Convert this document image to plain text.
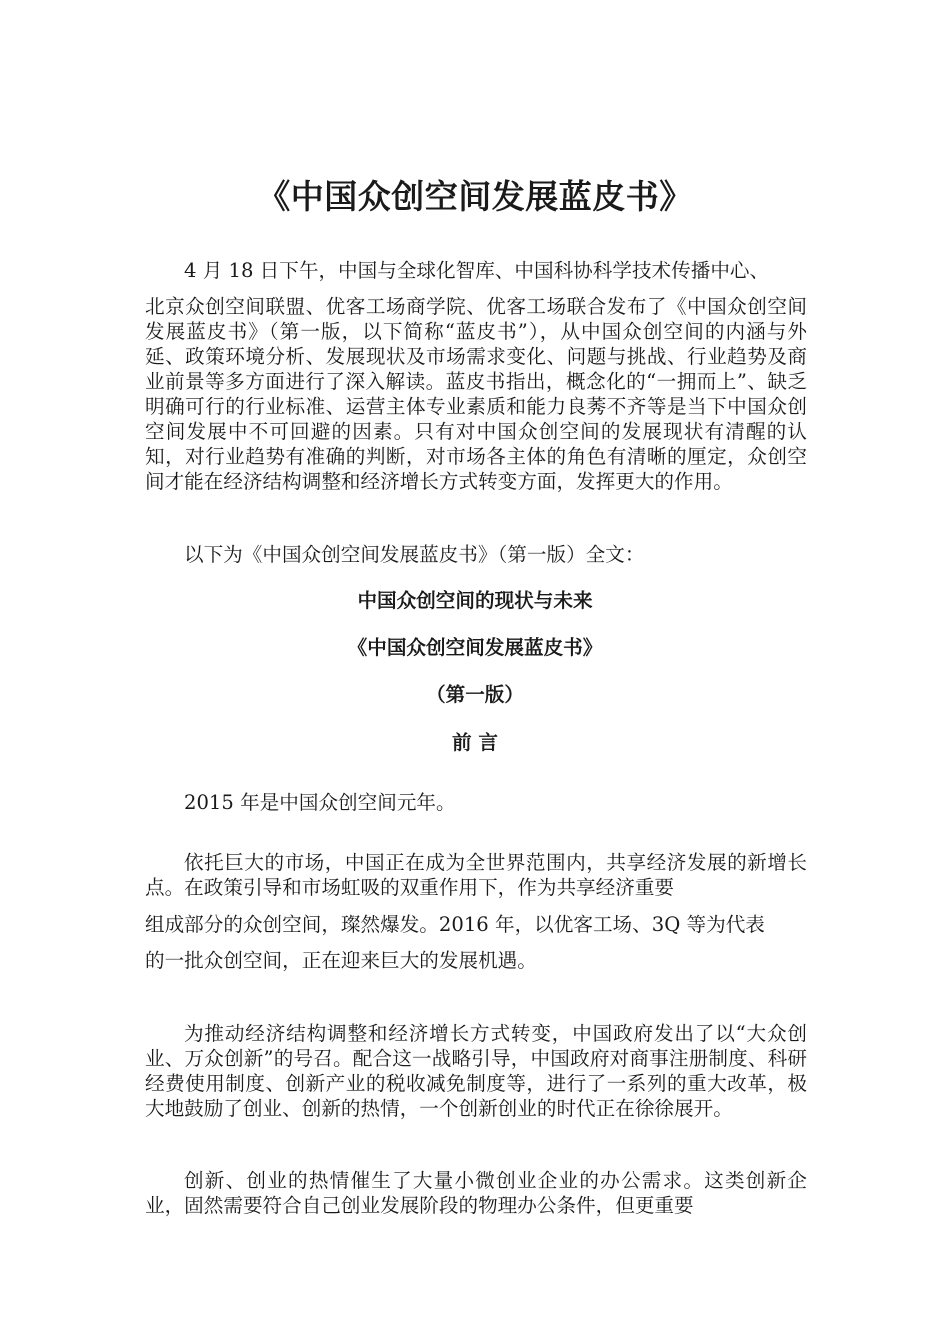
《中国众创空间发展蓝皮书》

4 月 18 日下午，中国与全球化智库、中国科协科学技术传播中心、

北京众创空间联盟、优客工场商学院、优客工场联合发布了《中国众创空间发展蓝皮书》（第一版，以下简称“蓝皮书”），从中国众创空间的内涵与外延、政策环境分析、发展现状及市场需求变化、问题与挑战、行业趋势及商业前景等多方面进行了深入解读。蓝皮书指出，概念化的“一拥而上”、缺乏明确可行的行业标准、运营主体专业素质和能力良莠不齐等是当下中国众创空间发展中不可回避的因素。只有对中国众创空间的发展现状有清醒的认知，对行业趋势有准确的判断，对市场各主体的角色有清晰的厘定，众创空间才能在经济结构调整和经济增长方式转变方面，发挥更大的作用。

以下为《中国众创空间发展蓝皮书》（第一版）全文：

中国众创空间的现状与未来
《中国众创空间发展蓝皮书》
（第一版）
前 言

2015 年是中国众创空间元年。

依托巨大的市场，中国正在成为全世界范围内，共享经济发展的新增长点。在政策引导和市场虹吸的双重作用下，作为共享经济重要

组成部分的众创空间，璨然爆发。2016 年，以优客工场、3Q 等为代表

的一批众创空间，正在迎来巨大的发展机遇。

为推动经济结构调整和经济增长方式转变，中国政府发出了以“大众创业、万众创新”的号召。配合这一战略引导，中国政府对商事注册制度、科研经费使用制度、创新产业的税收减免制度等，进行了一系列的重大改革，极大地鼓励了创业、创新的热情，一个创新创业的时代正在徐徐展开。

创新、创业的热情催生了大量小微创业企业的办公需求。这类创新企业，固然需要符合自己创业发展阶段的物理办公条件，但更重要
